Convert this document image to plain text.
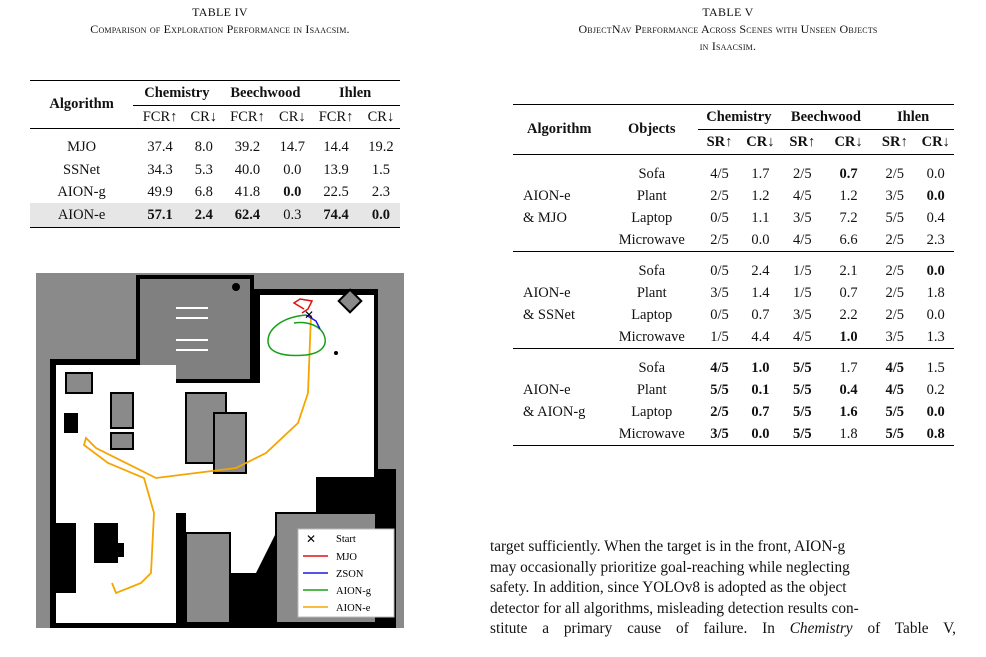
TABLE IV
Comparison of Exploration Performance in Isaacsim.
Algorithm	Chemistry		Beechwood		Ihlen	
	FCR↑	CR↓	FCR↑	CR↓	FCR↑	CR↓
MJO	37.4	8.0	39.2	14.7	14.4	19.2
SSNet	34.3	5.3	40.0	0.0	13.9	1.5
AION-g	49.9	6.8	41.8	0.0	22.5	2.3
AION-e	57.1	2.4	62.4	0.3	74.4	0.0
✕
✕ Start
MJO
ZSON
AION-g
AION-e
TABLE V
ObjectNav Performance Across Scenes with Unseen Objects
in Isaacsim.
Algorithm	Objects	Chemistry		Beechwood		Ihlen	
		SR↑	CR↓	SR↑	CR↓	SR↑	CR↓
	Sofa	4/5	1.7	2/5	0.7	2/5	0.0
AION-e	Plant	2/5	1.2	4/5	1.2	3/5	0.0
& MJO	Laptop	0/5	1.1	3/5	7.2	5/5	0.4
	Microwave	2/5	0.0	4/5	6.6	2/5	2.3
	Sofa	0/5	2.4	1/5	2.1	2/5	0.0
AION-e	Plant	3/5	1.4	1/5	0.7	2/5	1.8
& SSNet	Laptop	0/5	0.7	3/5	2.2	2/5	0.0
	Microwave	1/5	4.4	4/5	1.0	3/5	1.3
	Sofa	4/5	1.0	5/5	1.7	4/5	1.5
AION-e	Plant	5/5	0.1	5/5	0.4	4/5	0.2
& AION-g	Laptop	2/5	0.7	5/5	1.6	5/5	0.0
	Microwave	3/5	0.0	5/5	1.8	5/5	0.8
target sufficiently. When the target is in the front, AION-g
may occasionally prioritize goal-reaching while neglecting
safety. In addition, since YOLOv8 is adopted as the object
detector for all algorithms, misleading detection results con-
stitute a primary cause of failure. In Chemistry of Table V,
